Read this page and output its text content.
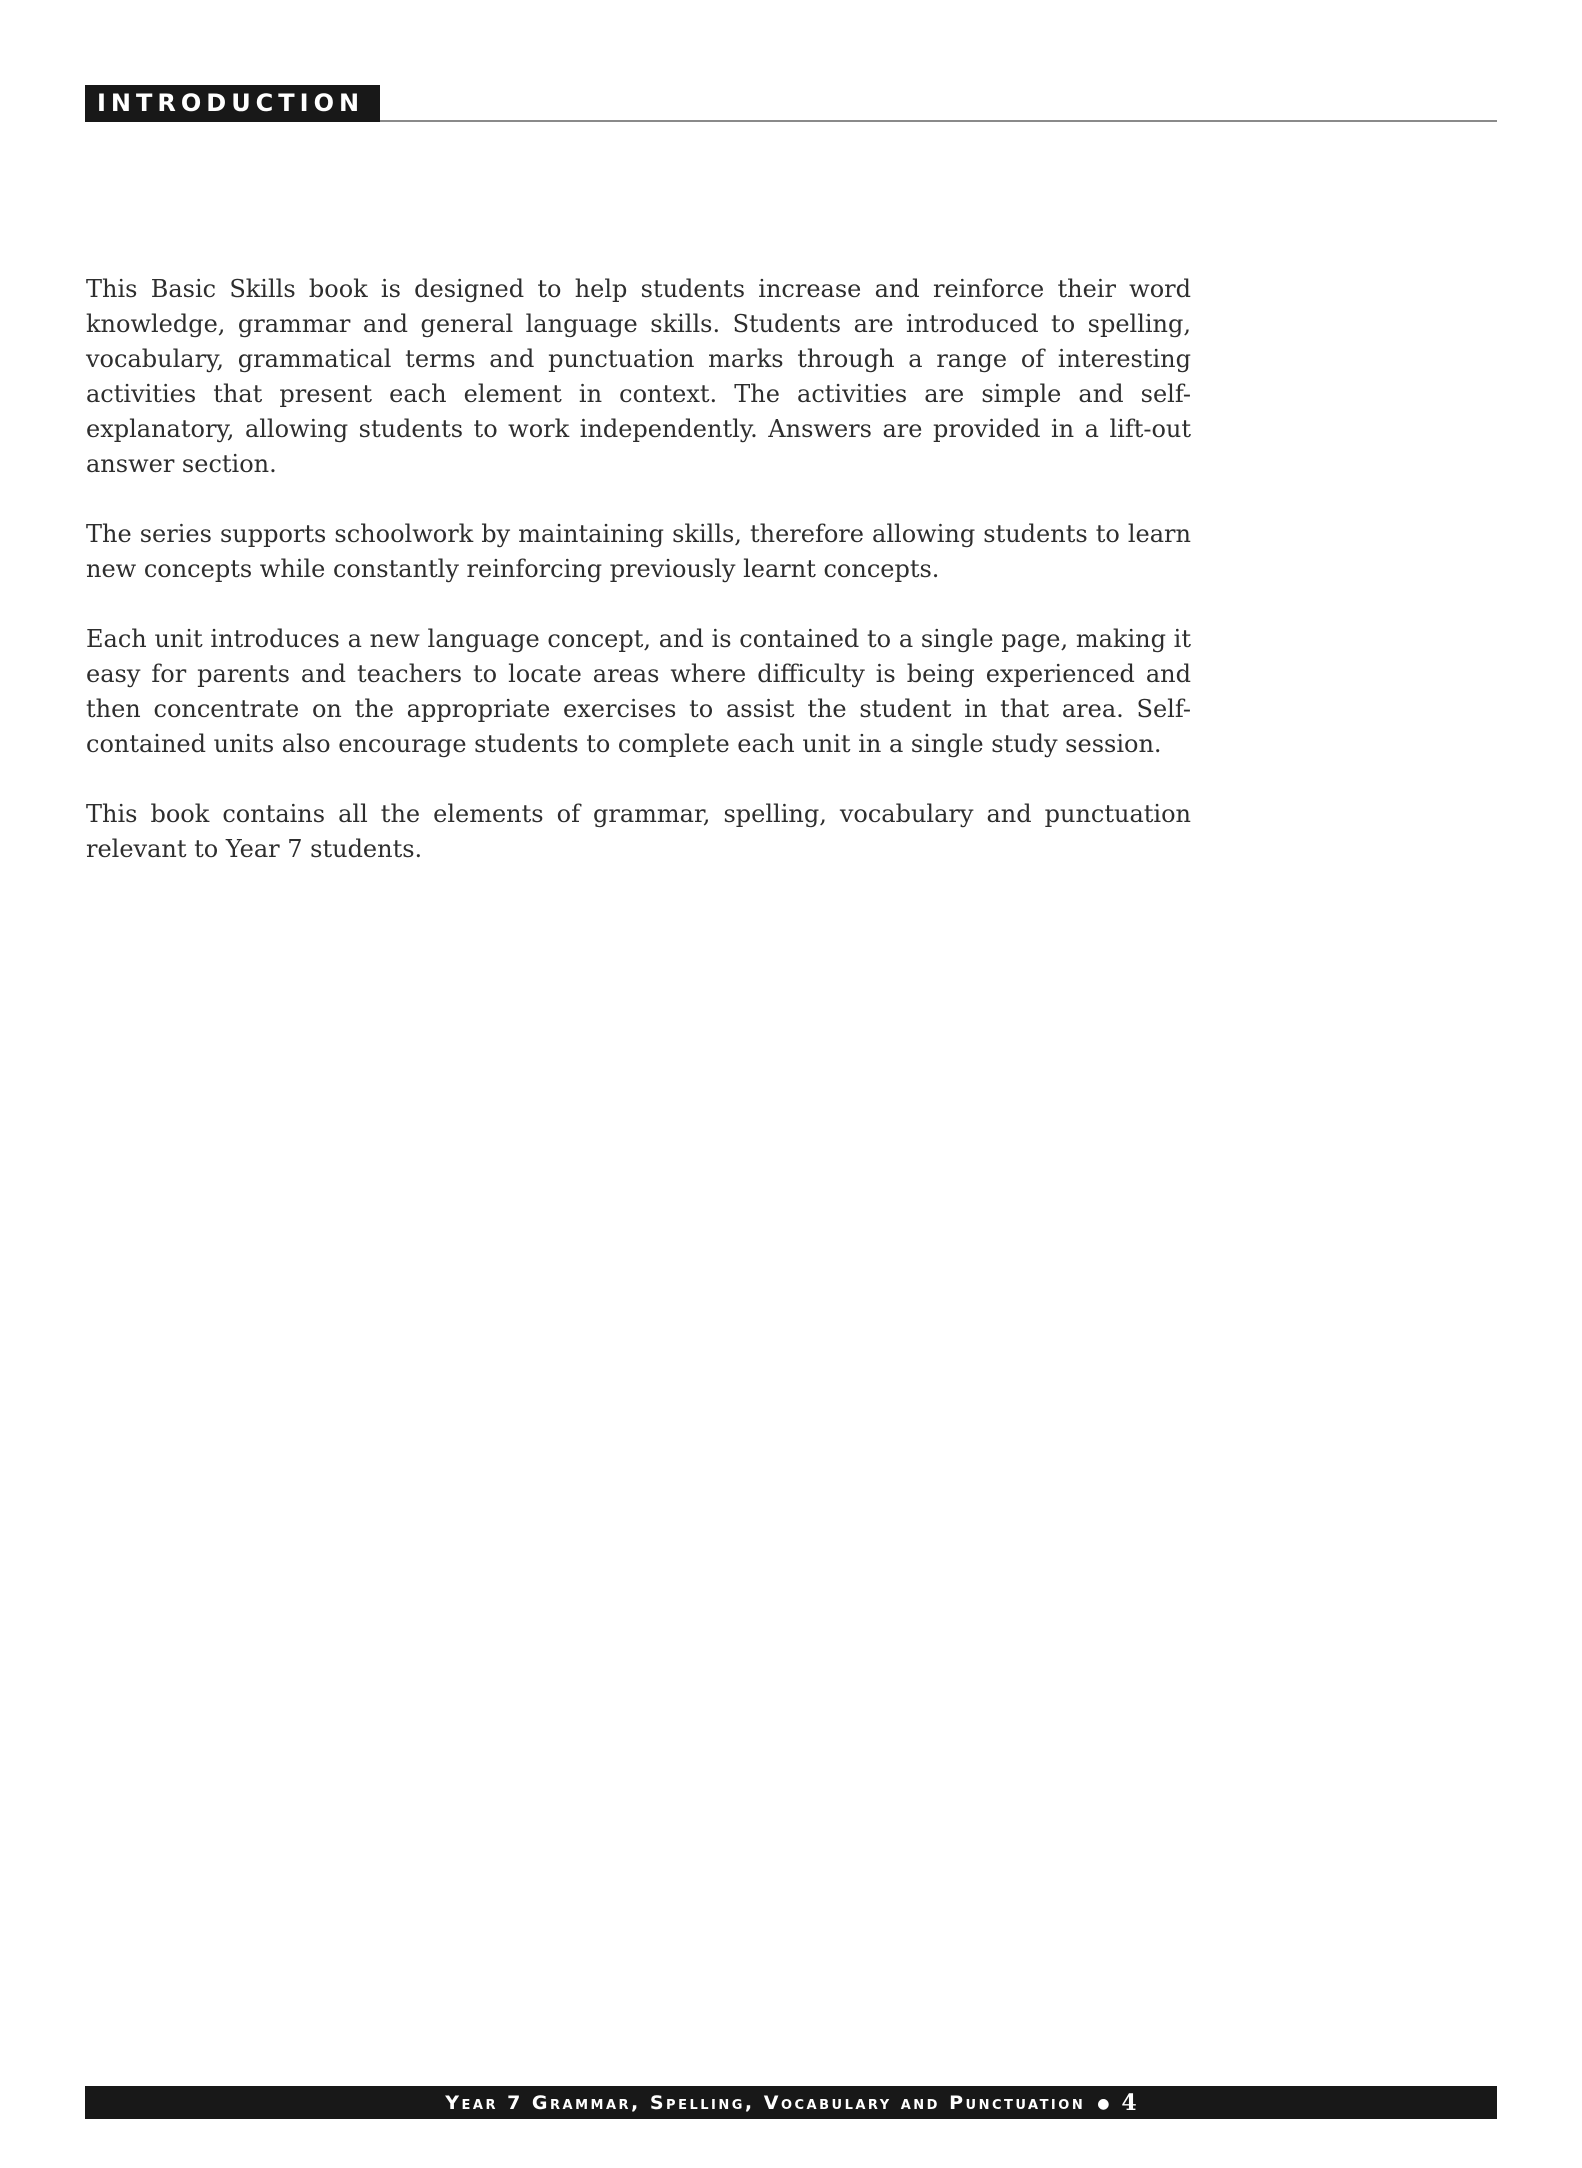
INTRODUCTION

This Basic Skills book is designed to help students increase and reinforce their word knowledge, grammar and general language skills. Students are introduced to spelling, vocabulary, grammatical terms and punctuation marks through a range of interesting activities that present each element in context. The activities are simple and self-explanatory, allowing students to work independently. Answers are provided in a lift-out answer section.

The series supports schoolwork by maintaining skills, therefore allowing students to learn new concepts while constantly reinforcing previously learnt concepts.

Each unit introduces a new language concept, and is contained to a single page, making it easy for parents and teachers to locate areas where difficulty is being experienced and then concentrate on the appropriate exercises to assist the student in that area. Self-contained units also encourage students to complete each unit in a single study session.

This book contains all the elements of grammar, spelling, vocabulary and punctuation relevant to Year 7 students.

Year 7 Grammar, Spelling, Vocabulary and Punctuation ● 4
